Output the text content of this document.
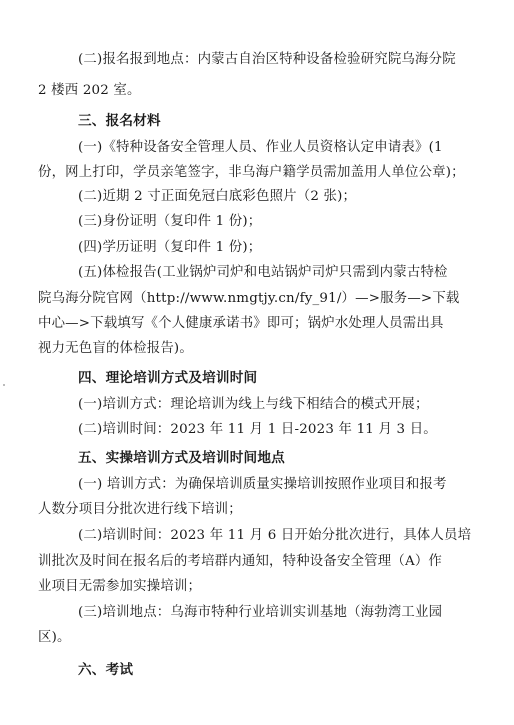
(二)报名报到地点：内蒙古自治区特种设备检验研究院乌海分院
2 楼西 202 室。
三、报名材料
(一)《特种设备安全管理人员、作业人员资格认定申请表》(1
份，网上打印，学员亲笔签字，非乌海户籍学员需加盖用人单位公章)；
(二)近期 2 寸正面免冠白底彩色照片（2 张)；
(三)身份证明（复印件 1 份)；
(四)学历证明（复印件 1 份)；
(五)体检报告(工业锅炉司炉和电站锅炉司炉只需到内蒙古特检
院乌海分院官网（http://www.nmgtjy.cn/fy_91/）—>服务—>下载
中心—>下载填写《个人健康承诺书》即可；锅炉水处理人员需出具
视力无色盲的体检报告)。
四、理论培训方式及培训时间
(一)培训方式：理论培训为线上与线下相结合的模式开展；
(二)培训时间：2023 年 11 月 1 日-2023 年 11 月 3 日。
五、实操培训方式及培训时间地点
(一) 培训方式：为确保培训质量实操培训按照作业项目和报考
人数分项目分批次进行线下培训；
(二)培训时间：2023 年 11 月 6 日开始分批次进行，具体人员培
训批次及时间在报名后的考培群内通知，特种设备安全管理（A）作
业项目无需参加实操培训；
(三)培训地点：乌海市特种行业培训实训基地（海勃湾工业园
区)。
六、考试
